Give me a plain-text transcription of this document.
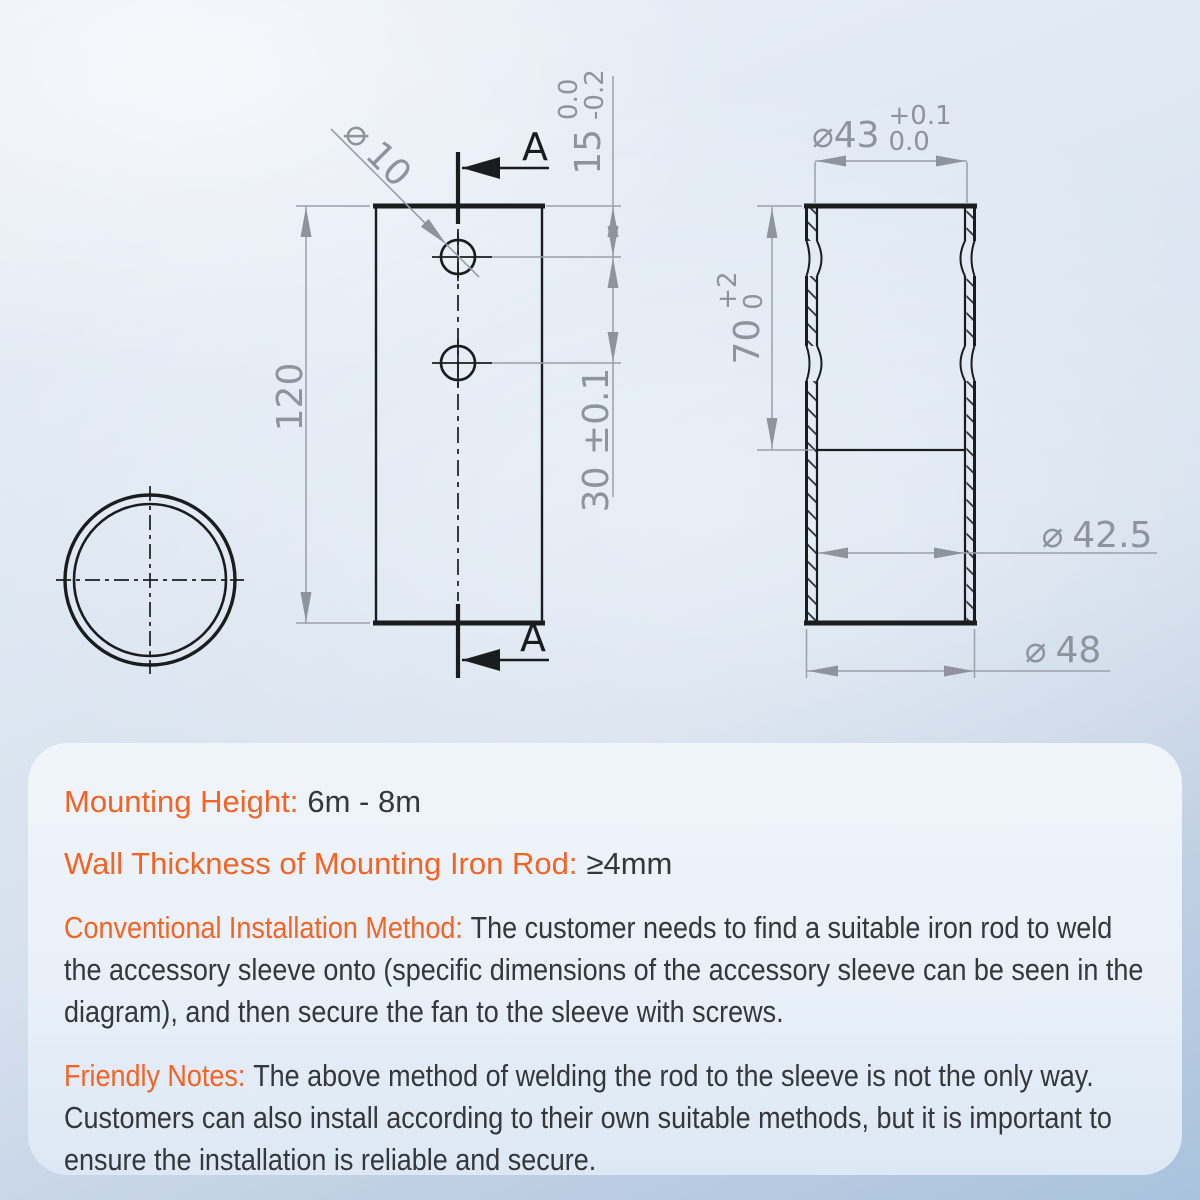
120
15
0.0
-0.2
30 ±0.1
⌀
10	A
A
⌀43 +0.1
0.0
70
+2
0
⌀ 42.5
⌀ 48
Mounting Height: 6m - 8m
Wall Thickness of Mounting Iron Rod: ≥4mm
Conventional Installation Method: The customer needs to find a suitable iron rod to weld the accessory sleeve onto (specific dimensions of the accessory sleeve can be seen in the diagram), and then secure the fan to the sleeve with screws.
Friendly Notes: The above method of welding the rod to the sleeve is not the only way. Customers can also install according to their own suitable methods, but it is important to ensure the installation is reliable and secure.
